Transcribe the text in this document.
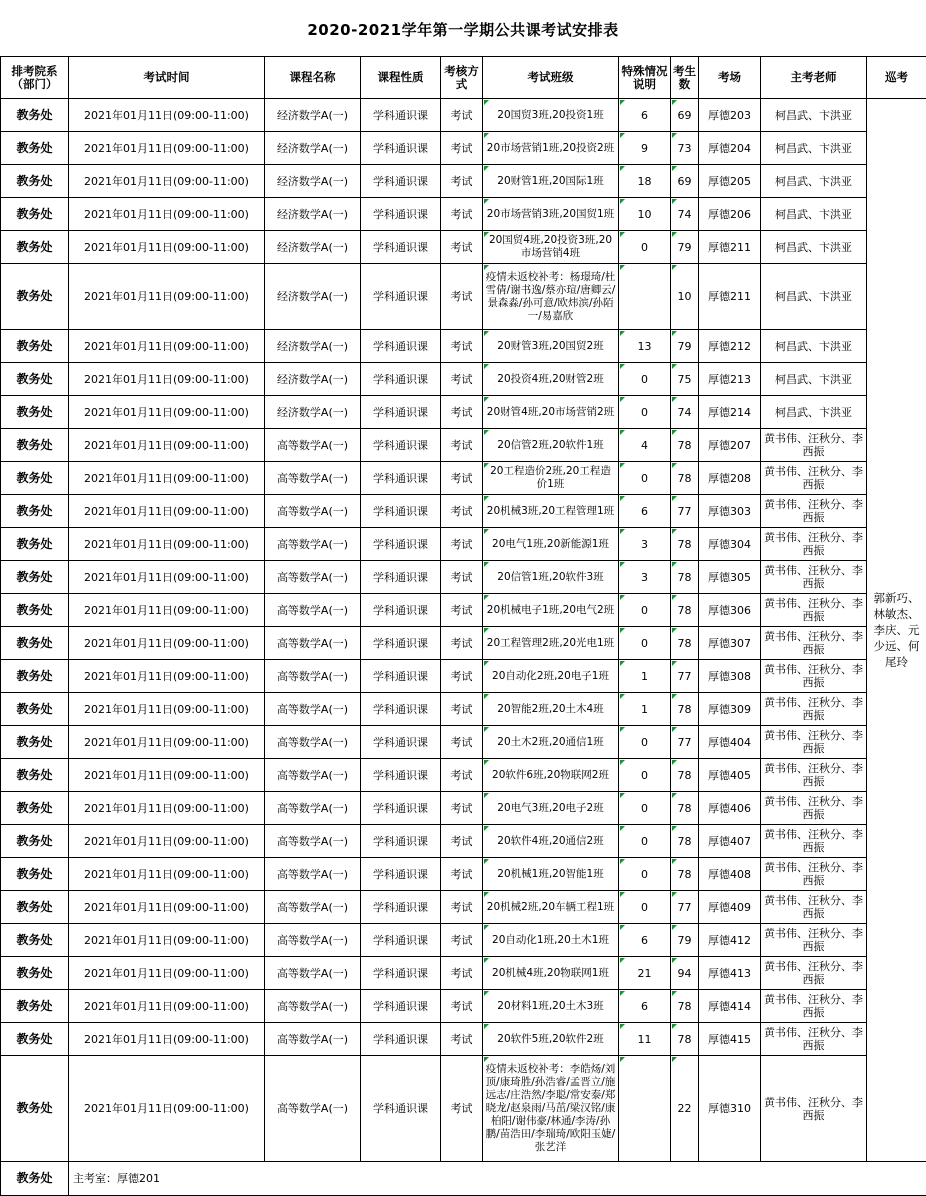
2020-2021学年第一学期公共课考试安排表
排考院系（部门）	考试时间	课程名称	课程性质	考核方式	考试班级	特殊情况说明	考生数	考场	主考老师	巡考
教务处	2021年01月11日(09:00-11:00)	经济数学A(一)	学科通识课	考试	20国贸3班,20投资1班	6	69	厚德203	柯昌武、卞洪亚	郭新巧、林敏杰、李庆、元少远、何尾玲
教务处	2021年01月11日(09:00-11:00)	经济数学A(一)	学科通识课	考试	20市场营销1班,20投资2班	9	73	厚德204	柯昌武、卞洪亚	
教务处	2021年01月11日(09:00-11:00)	经济数学A(一)	学科通识课	考试	20财管1班,20国际1班	18	69	厚德205	柯昌武、卞洪亚	
教务处	2021年01月11日(09:00-11:00)	经济数学A(一)	学科通识课	考试	20市场营销3班,20国贸1班	10	74	厚德206	柯昌武、卞洪亚	
教务处	2021年01月11日(09:00-11:00)	经济数学A(一)	学科通识课	考试	20国贸4班,20投资3班,20市场营销4班	0	79	厚德211	柯昌武、卞洪亚	
教务处	2021年01月11日(09:00-11:00)	经济数学A(一)	学科通识课	考试	疫情未返校补考：杨璟琦/杜雪倩/谢书逸/蔡亦瑄/唐卿云/景森淼/孙可意/欧炜滨/孙陌一/易嘉欣		10	厚德211	柯昌武、卞洪亚	
教务处	2021年01月11日(09:00-11:00)	经济数学A(一)	学科通识课	考试	20财管3班,20国贸2班	13	79	厚德212	柯昌武、卞洪亚	
教务处	2021年01月11日(09:00-11:00)	经济数学A(一)	学科通识课	考试	20投资4班,20财管2班	0	75	厚德213	柯昌武、卞洪亚	
教务处	2021年01月11日(09:00-11:00)	经济数学A(一)	学科通识课	考试	20财管4班,20市场营销2班	0	74	厚德214	柯昌武、卞洪亚	
教务处	2021年01月11日(09:00-11:00)	高等数学A(一)	学科通识课	考试	20信管2班,20软件1班	4	78	厚德207	黄书伟、汪秋分、李西振	
教务处	2021年01月11日(09:00-11:00)	高等数学A(一)	学科通识课	考试	20工程造价2班,20工程造价1班	0	78	厚德208	黄书伟、汪秋分、李西振	
教务处	2021年01月11日(09:00-11:00)	高等数学A(一)	学科通识课	考试	20机械3班,20工程管理1班	6	77	厚德303	黄书伟、汪秋分、李西振	
教务处	2021年01月11日(09:00-11:00)	高等数学A(一)	学科通识课	考试	20电气1班,20新能源1班	3	78	厚德304	黄书伟、汪秋分、李西振	
教务处	2021年01月11日(09:00-11:00)	高等数学A(一)	学科通识课	考试	20信管1班,20软件3班	3	78	厚德305	黄书伟、汪秋分、李西振	
教务处	2021年01月11日(09:00-11:00)	高等数学A(一)	学科通识课	考试	20机械电子1班,20电气2班	0	78	厚德306	黄书伟、汪秋分、李西振	
教务处	2021年01月11日(09:00-11:00)	高等数学A(一)	学科通识课	考试	20工程管理2班,20光电1班	0	78	厚德307	黄书伟、汪秋分、李西振	
教务处	2021年01月11日(09:00-11:00)	高等数学A(一)	学科通识课	考试	20自动化2班,20电子1班	1	77	厚德308	黄书伟、汪秋分、李西振	
教务处	2021年01月11日(09:00-11:00)	高等数学A(一)	学科通识课	考试	20智能2班,20土木4班	1	78	厚德309	黄书伟、汪秋分、李西振	
教务处	2021年01月11日(09:00-11:00)	高等数学A(一)	学科通识课	考试	20土木2班,20通信1班	0	77	厚德404	黄书伟、汪秋分、李西振	
教务处	2021年01月11日(09:00-11:00)	高等数学A(一)	学科通识课	考试	20软件6班,20物联网2班	0	78	厚德405	黄书伟、汪秋分、李西振	
教务处	2021年01月11日(09:00-11:00)	高等数学A(一)	学科通识课	考试	20电气3班,20电子2班	0	78	厚德406	黄书伟、汪秋分、李西振	
教务处	2021年01月11日(09:00-11:00)	高等数学A(一)	学科通识课	考试	20软件4班,20通信2班	0	78	厚德407	黄书伟、汪秋分、李西振	
教务处	2021年01月11日(09:00-11:00)	高等数学A(一)	学科通识课	考试	20机械1班,20智能1班	0	78	厚德408	黄书伟、汪秋分、李西振	
教务处	2021年01月11日(09:00-11:00)	高等数学A(一)	学科通识课	考试	20机械2班,20车辆工程1班	0	77	厚德409	黄书伟、汪秋分、李西振	
教务处	2021年01月11日(09:00-11:00)	高等数学A(一)	学科通识课	考试	20自动化1班,20土木1班	6	79	厚德412	黄书伟、汪秋分、李西振	
教务处	2021年01月11日(09:00-11:00)	高等数学A(一)	学科通识课	考试	20机械4班,20物联网1班	21	94	厚德413	黄书伟、汪秋分、李西振	
教务处	2021年01月11日(09:00-11:00)	高等数学A(一)	学科通识课	考试	20材料1班,20土木3班	6	78	厚德414	黄书伟、汪秋分、李西振	
教务处	2021年01月11日(09:00-11:00)	高等数学A(一)	学科通识课	考试	20软件5班,20软件2班	11	78	厚德415	黄书伟、汪秋分、李西振	
教务处	2021年01月11日(09:00-11:00)	高等数学A(一)	学科通识课	考试	疫情未返校补考：李皓炀/刘顶/康琦胜/孙浩睿/孟晋立/施远志/庄浩然/李聪/常安泰/郑晓龙/赵泉雨/马茁/梁汉铭/康柏阳/谢伟豪/林通/李涛/孙鹏/苗浩田/李瑞琦/欧阳玉婕/张艺洋		22	厚德310	黄书伟、汪秋分、李西振	
教务处	主考室：厚德201									
